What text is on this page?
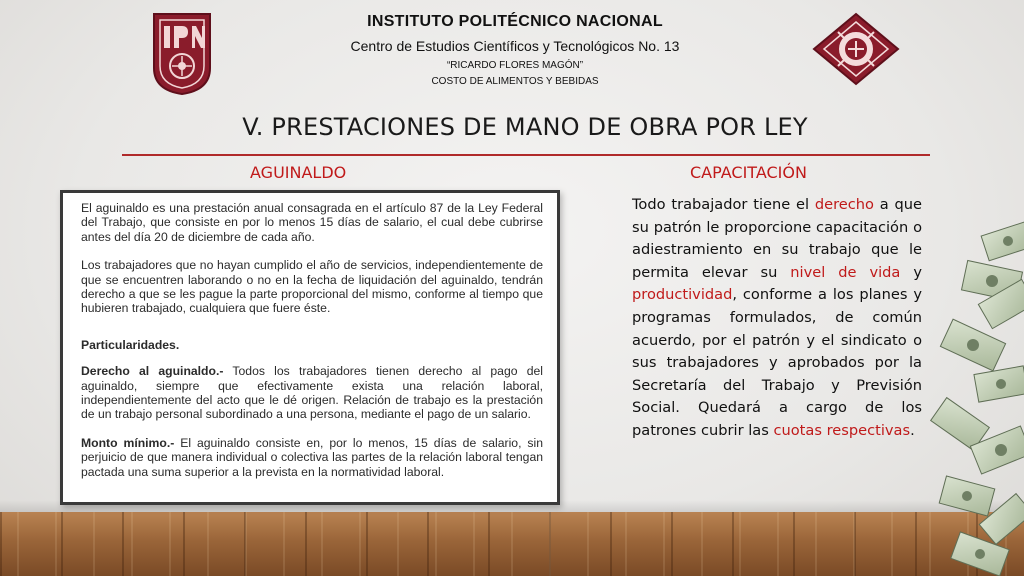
INSTITUTO POLITÉCNICO NACIONAL
Centro de Estudios Científicos y Tecnológicos No. 13
“RICARDO FLORES MAGÓN”
COSTO DE ALIMENTOS Y BEBIDAS
V. PRESTACIONES DE MANO DE OBRA POR LEY
AGUINALDO	CAPACITACIÓN

El aguinaldo es una prestación anual consagrada en el artículo 87 de la Ley Federal del Trabajo, que consiste en por lo menos 15 días de salario, el cual debe cubrirse antes del día 20 de diciembre de cada año.

Los trabajadores que no hayan cumplido el año de servicios, independientemente de que se encuentren laborando o no en la fecha de liquidación del aguinaldo, tendrán derecho a que se les pague la parte proporcional del mismo, conforme al tiempo que hubieren trabajado, cualquiera que fuere éste.

Particularidades.

Derecho al aguinaldo.- Todos los trabajadores tienen derecho al pago del aguinaldo, siempre que efectivamente exista una relación laboral, independientemente del acto que le dé origen. Relación de trabajo es la prestación de un trabajo personal subordinado a una persona, mediante el pago de un salario.

Monto mínimo.- El aguinaldo consiste en, por lo menos, 15 días de salario, sin perjuicio de que manera individual o colectiva las partes de la relación laboral tengan pactada una suma superior a la prevista en la normatividad laboral.

Todo trabajador tiene el derecho a que su patrón le proporcione capacitación o adiestramiento en su trabajo que le permita elevar su nivel de vida y productividad, conforme a los planes y programas formulados, de común acuerdo, por el patrón y el sindicato o sus trabajadores y aprobados por la Secretaría del Trabajo y Previsión Social. Quedará a cargo de los patrones cubrir las cuotas respectivas.
